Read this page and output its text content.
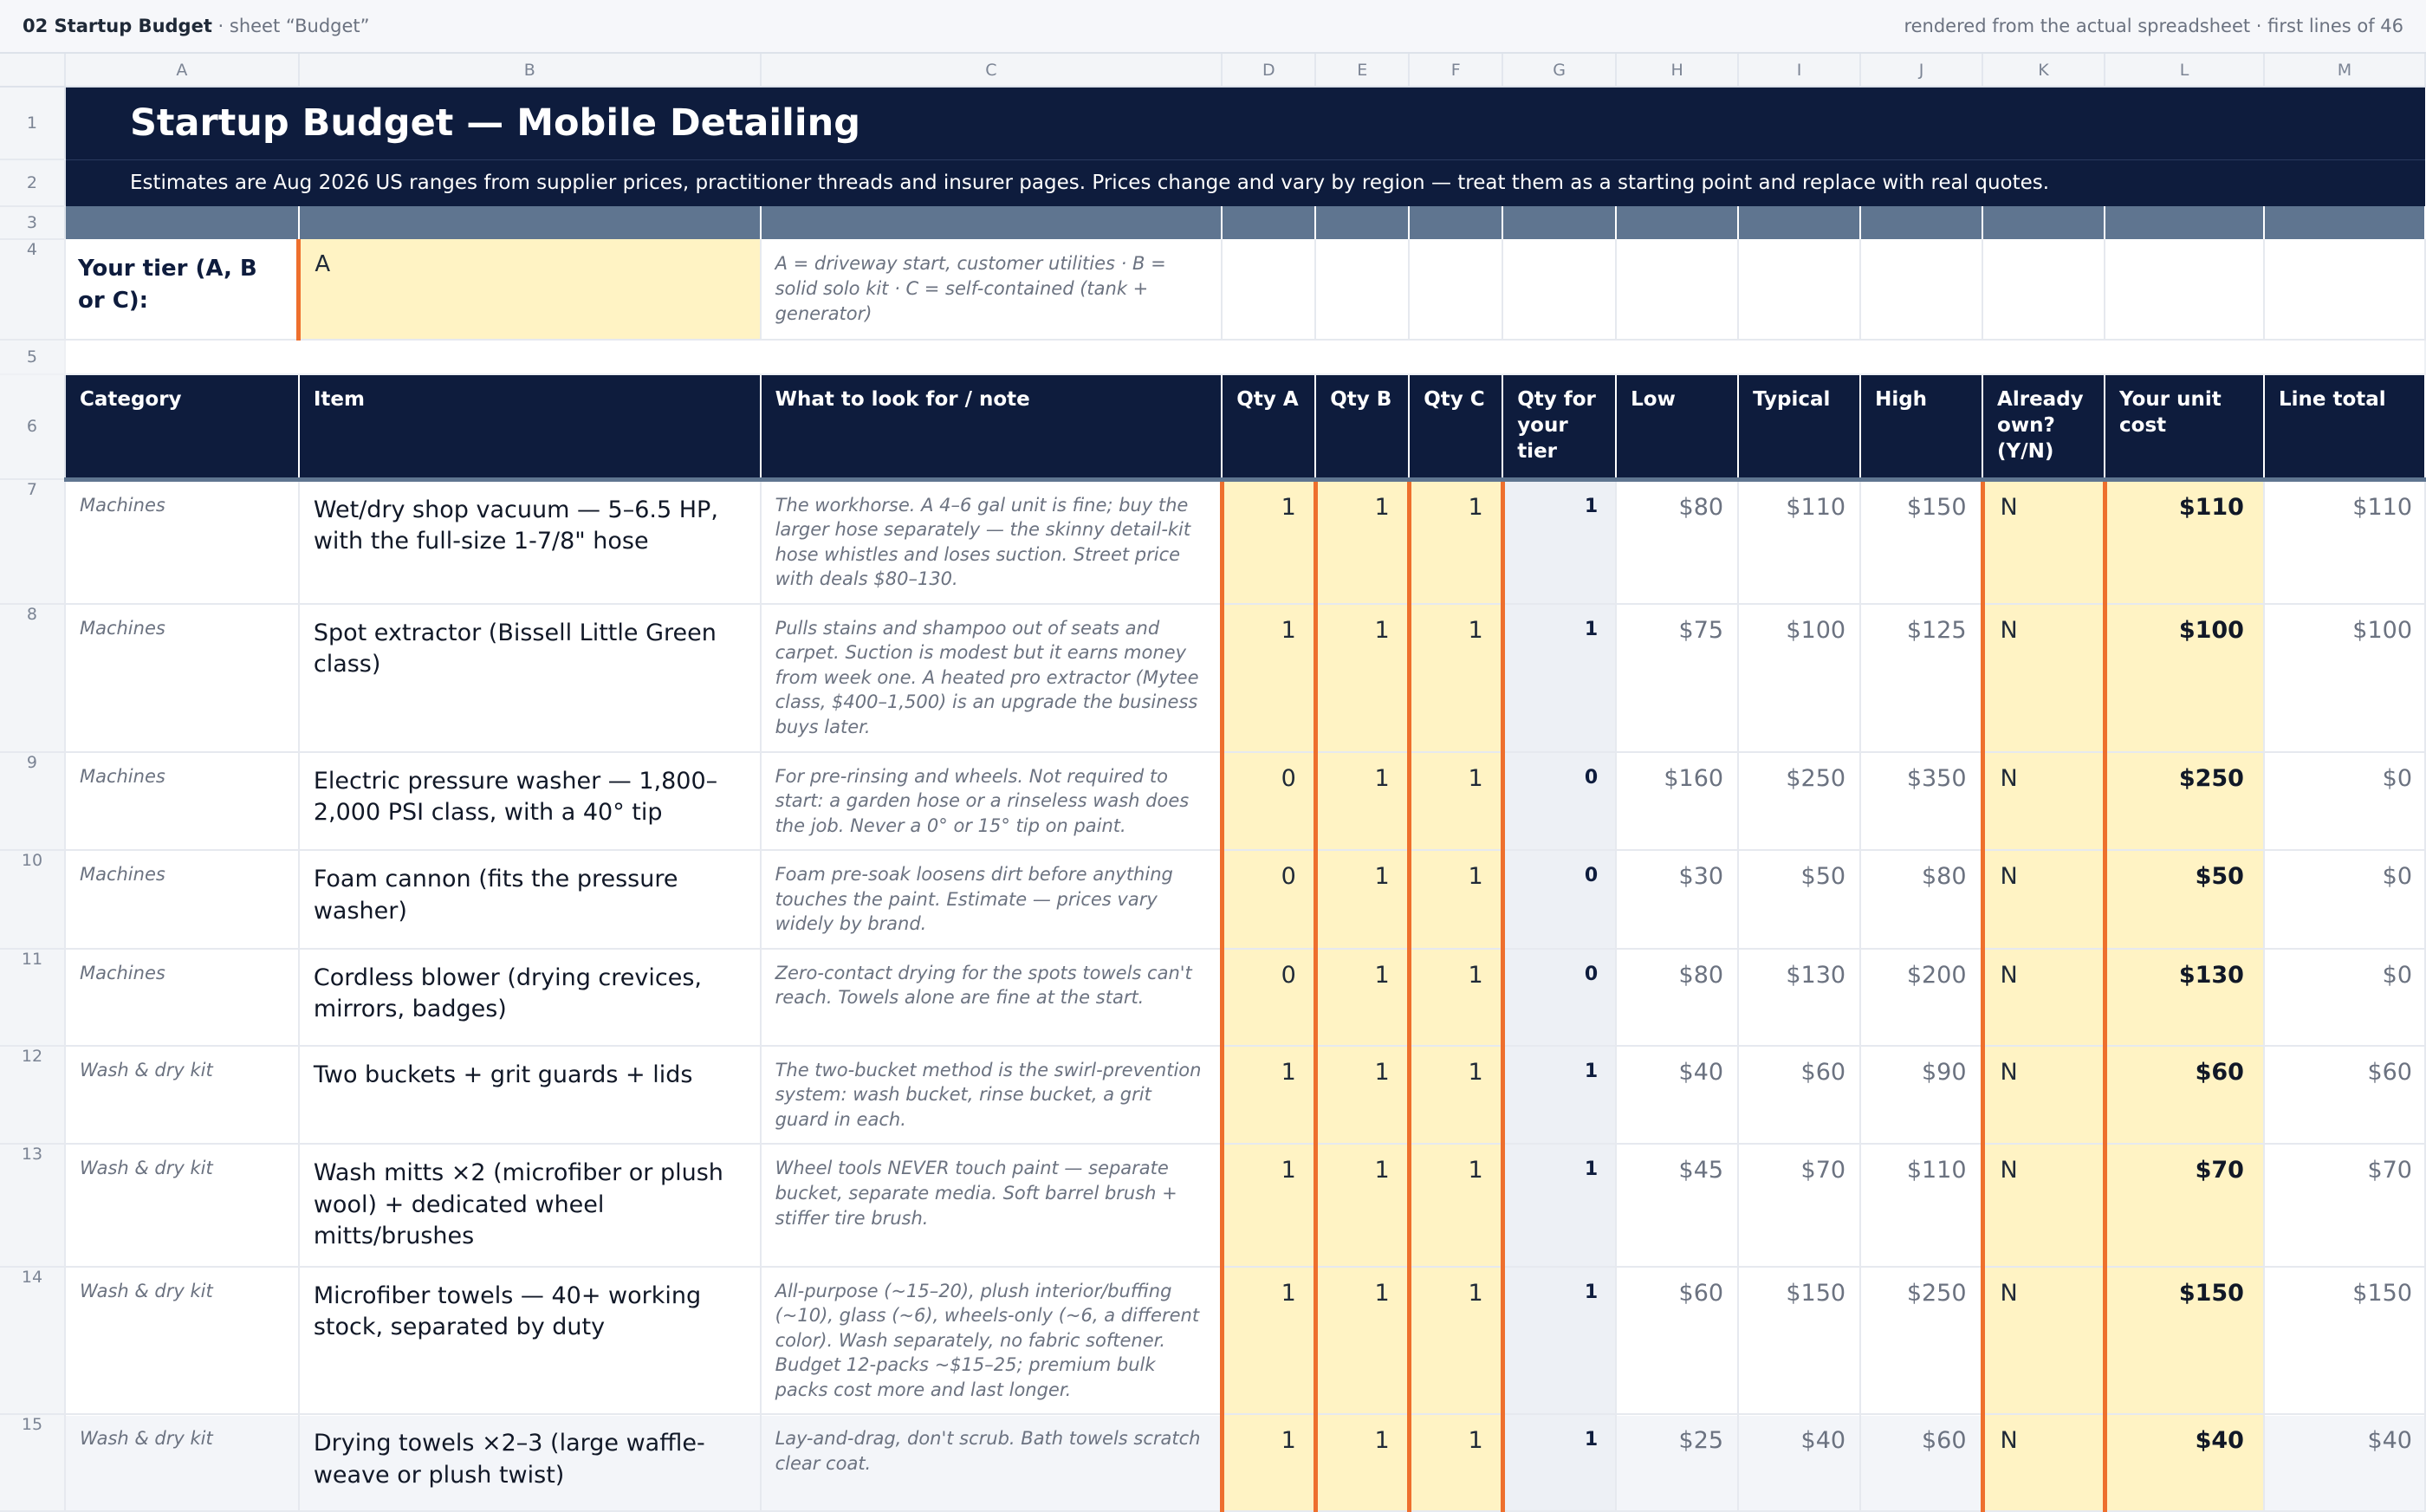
02 Startup Budget · sheet “Budget”	rendered from the actual spreadsheet · first lines of 46
	A	B	C	D	E	F	G	H	I	J	K	L	M
1	Startup Budget — Mobile Detailing												
2	Estimates are Aug 2026 US ranges from supplier prices, practitioner threads and insurer pages. Prices change and vary by region — treat them as a starting point and replace with real quotes.												
3													
4	Your tier (A, B or C):	A	A = driveway start, customer utilities · B = solid solo kit · C = self-contained (tank + generator)										
5													
6	Category	Item	What to look for / note	Qty A	Qty B	Qty C	Qty for your tier	Low	Typical	High	Already own? (Y/N)	Your unit cost	Line total
7	Machines	Wet/dry shop vacuum — 5–6.5 HP, with the full-size 1-7/8" hose	The workhorse. A 4–6 gal unit is fine; buy the larger hose separately — the skinny detail-kit hose whistles and loses suction. Street price with deals $80–130.	1	1	1	1	$80	$110	$150	N	$110	$110
8	Machines	Spot extractor (Bissell Little Green class)	Pulls stains and shampoo out of seats and carpet. Suction is modest but it earns money from week one. A heated pro extractor (Mytee class, $400–1,500) is an upgrade the business buys later.	1	1	1	1	$75	$100	$125	N	$100	$100
9	Machines	Electric pressure washer — 1,800–2,000 PSI class, with a 40° tip	For pre-rinsing and wheels. Not required to start: a garden hose or a rinseless wash does the job. Never a 0° or 15° tip on paint.	0	1	1	0	$160	$250	$350	N	$250	$0
10	Machines	Foam cannon (fits the pressure washer)	Foam pre-soak loosens dirt before anything touches the paint. Estimate — prices vary widely by brand.	0	1	1	0	$30	$50	$80	N	$50	$0
11	Machines	Cordless blower (drying crevices, mirrors, badges)	Zero-contact drying for the spots towels can't reach. Towels alone are fine at the start.	0	1	1	0	$80	$130	$200	N	$130	$0
12	Wash & dry kit	Two buckets + grit guards + lids	The two-bucket method is the swirl-prevention system: wash bucket, rinse bucket, a grit guard in each.	1	1	1	1	$40	$60	$90	N	$60	$60
13	Wash & dry kit	Wash mitts ×2 (microfiber or plush wool) + dedicated wheel mitts/brushes	Wheel tools NEVER touch paint — separate bucket, separate media. Soft barrel brush + stiffer tire brush.	1	1	1	1	$45	$70	$110	N	$70	$70
14	Wash & dry kit	Microfiber towels — 40+ working stock, separated by duty	All-purpose (~15–20), plush interior/buffing (~10), glass (~6), wheels-only (~6, a different color). Wash separately, no fabric softener. Budget 12-packs ~$15–25; premium bulk packs cost more and last longer.	1	1	1	1	$60	$150	$250	N	$150	$150
15	Wash & dry kit	Drying towels ×2–3 (large waffle-weave or plush twist)	Lay-and-drag, don't scrub. Bath towels scratch clear coat.	1	1	1	1	$25	$40	$60	N	$40	$40
